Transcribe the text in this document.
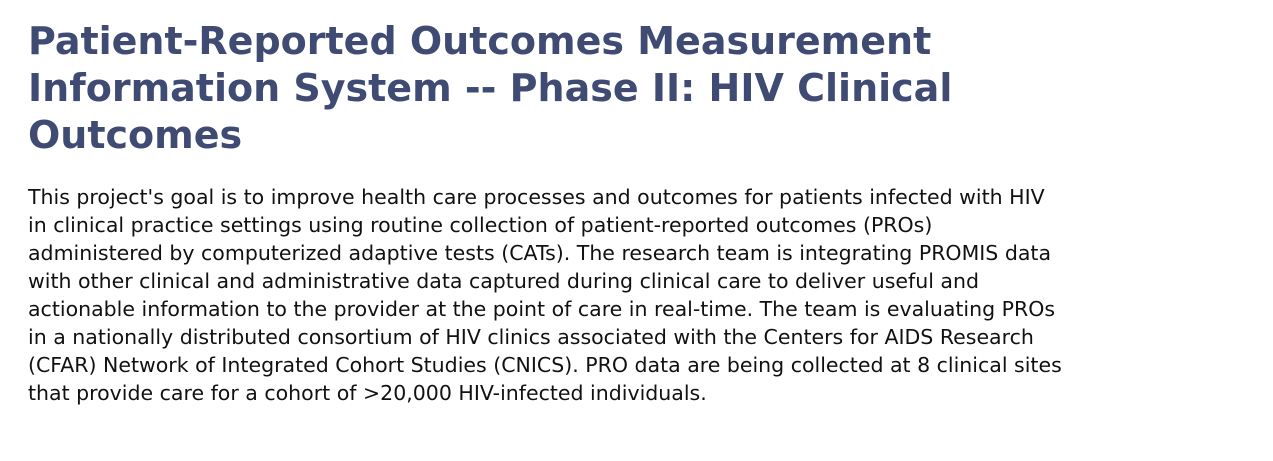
Patient-Reported Outcomes Measurement Information System -- Phase II: HIV Clinical Outcomes

This project's goal is to improve health care processes and outcomes for patients infected with HIV in clinical practice settings using routine collection of patient-reported outcomes (PROs) administered by computerized adaptive tests (CATs). The research team is integrating PROMIS data with other clinical and administrative data captured during clinical care to deliver useful and actionable information to the provider at the point of care in real-time. The team is evaluating PROs in a nationally distributed consortium of HIV clinics associated with the Centers for AIDS Research (CFAR) Network of Integrated Cohort Studies (CNICS). PRO data are being collected at 8 clinical sites that provide care for a cohort of >20,000 HIV-infected individuals.
